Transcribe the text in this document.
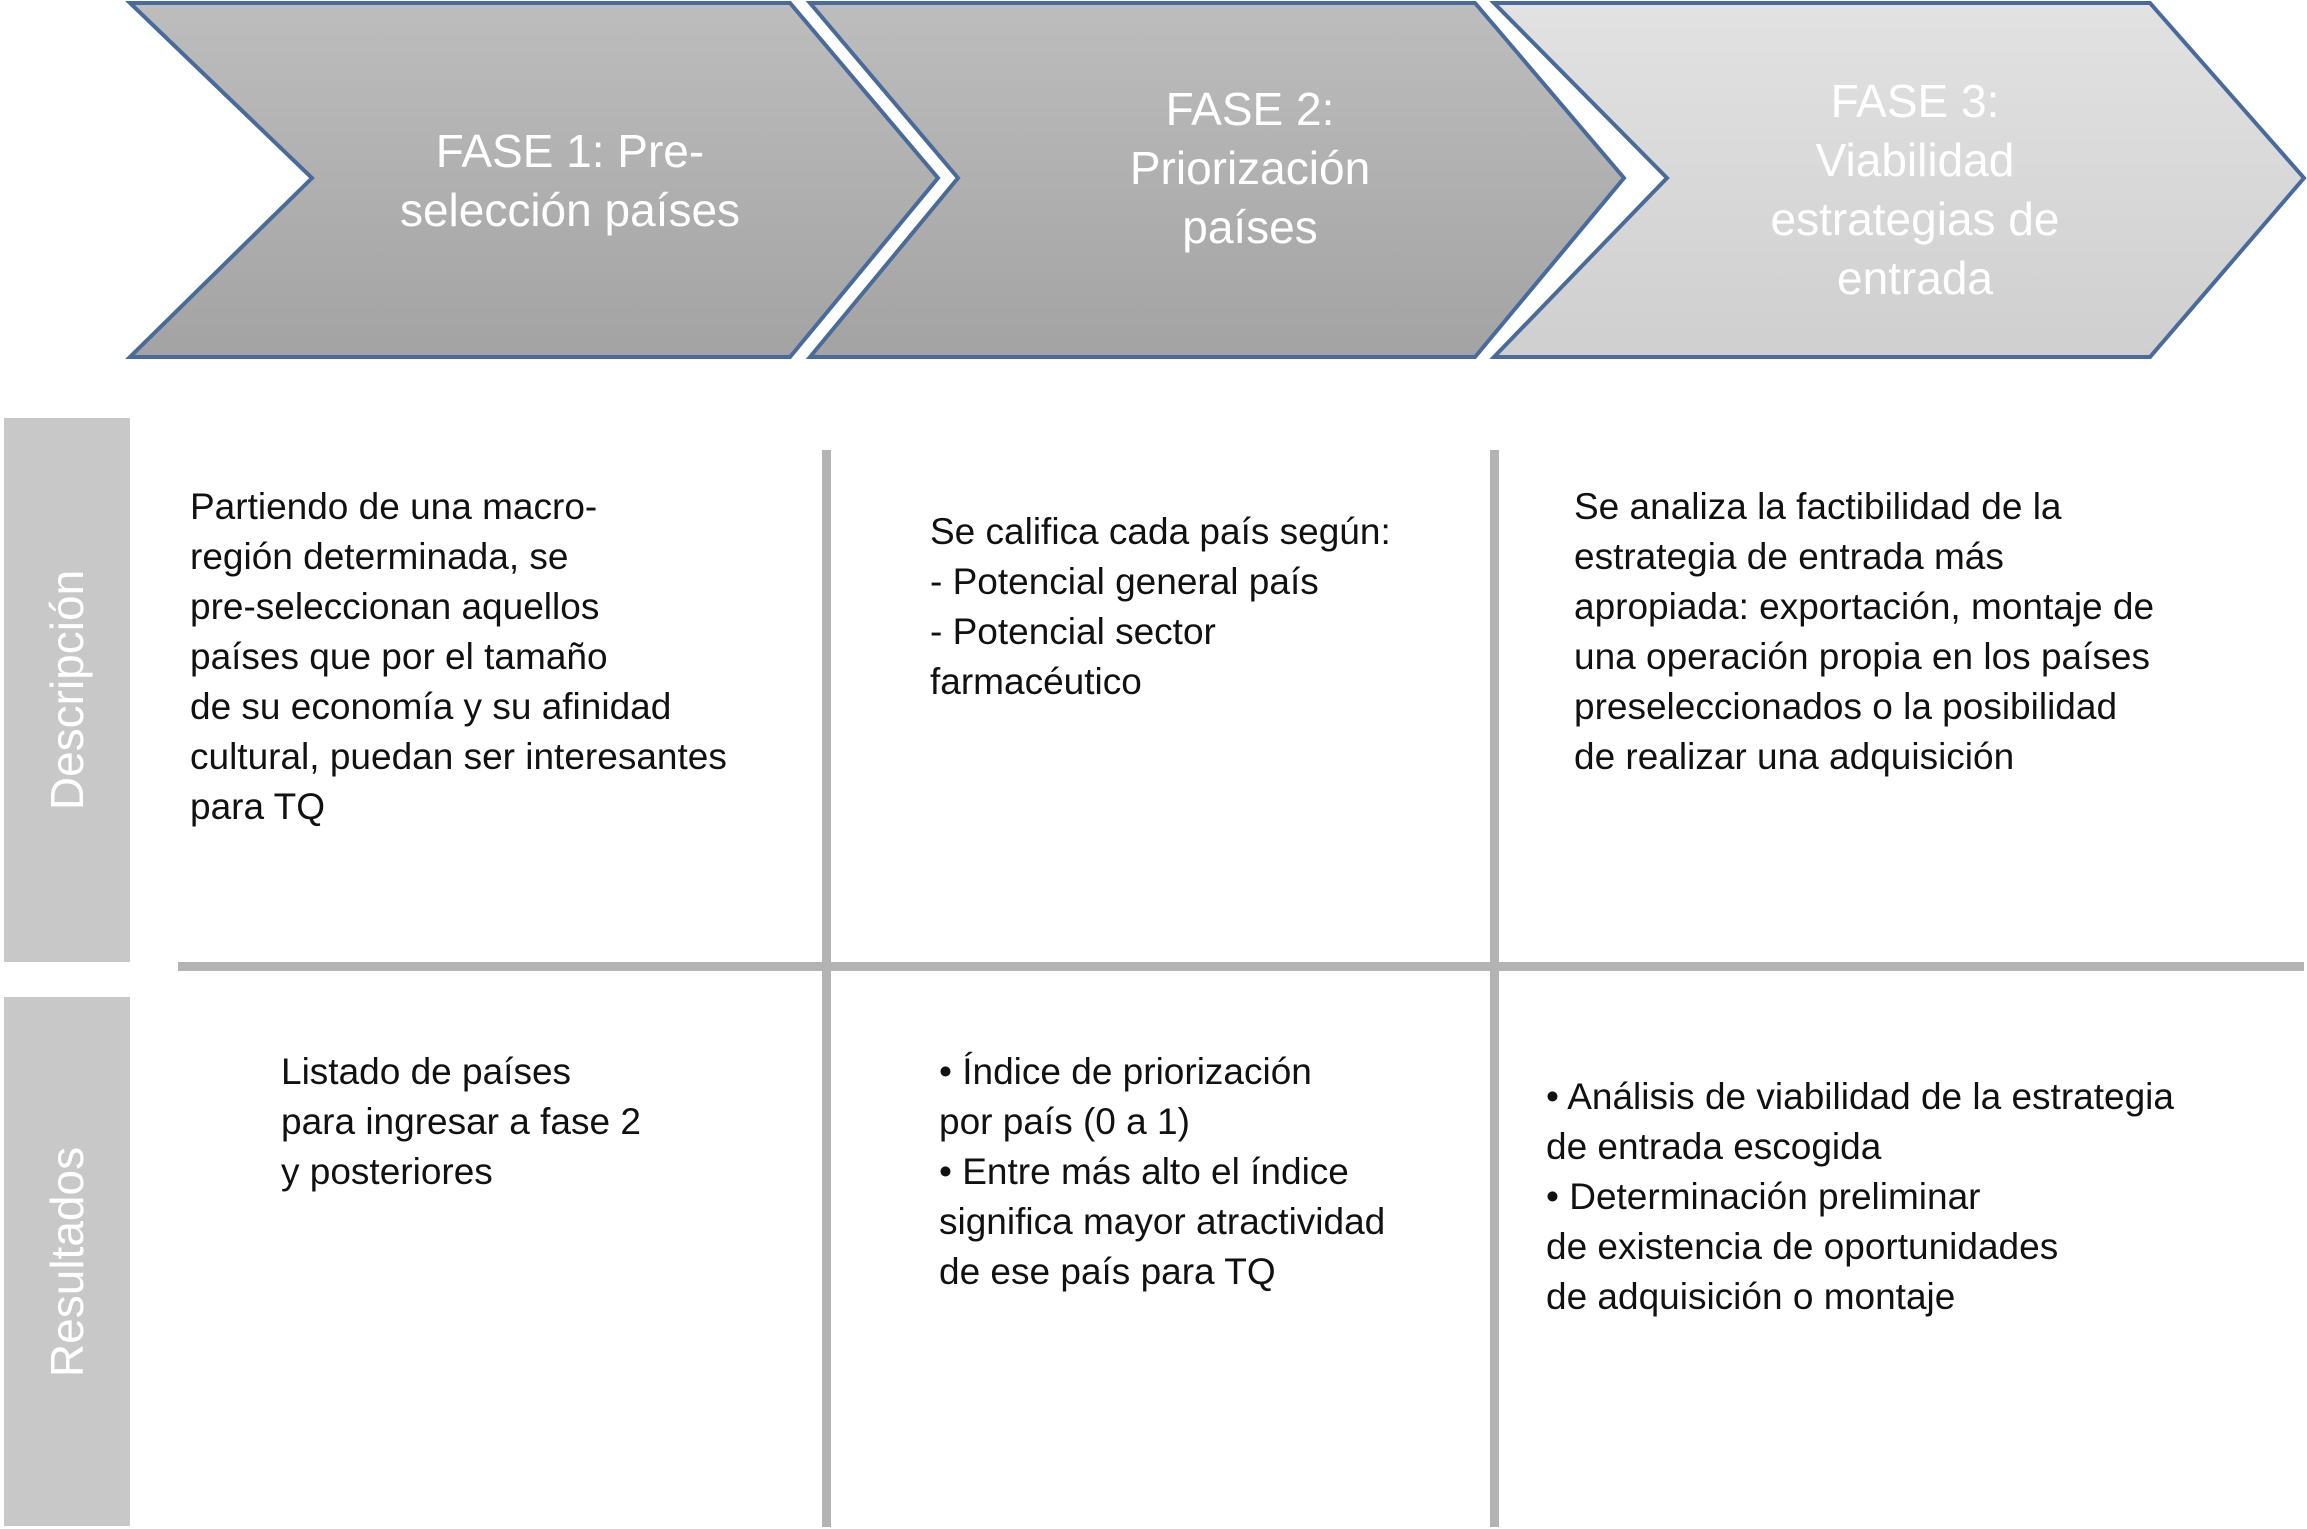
FASE 1: Pre-
selección países
FASE 2:
Priorización
países
FASE 3:
Viabilidad
estrategias de
entrada
Descripción
Resultados
Partiendo de una macro-
región determinada, se
pre-seleccionan aquellos
países que por el tamaño
de su economía y su afinidad
cultural, puedan ser interesantes
para TQ
Se califica cada país según:
- Potencial general país
- Potencial sector
farmacéutico
Se analiza la factibilidad de la
estrategia de entrada más
apropiada: exportación, montaje de
una operación propia en los países
preseleccionados o la posibilidad
de realizar una adquisición
Listado de países
para ingresar a fase 2
y posteriores
• Índice de priorización
por país (0 a 1)
• Entre más alto el índice
significa mayor atractividad
de ese país para TQ
• Análisis de viabilidad de la estrategia
de entrada escogida
• Determinación preliminar
de existencia de oportunidades
de adquisición o montaje
